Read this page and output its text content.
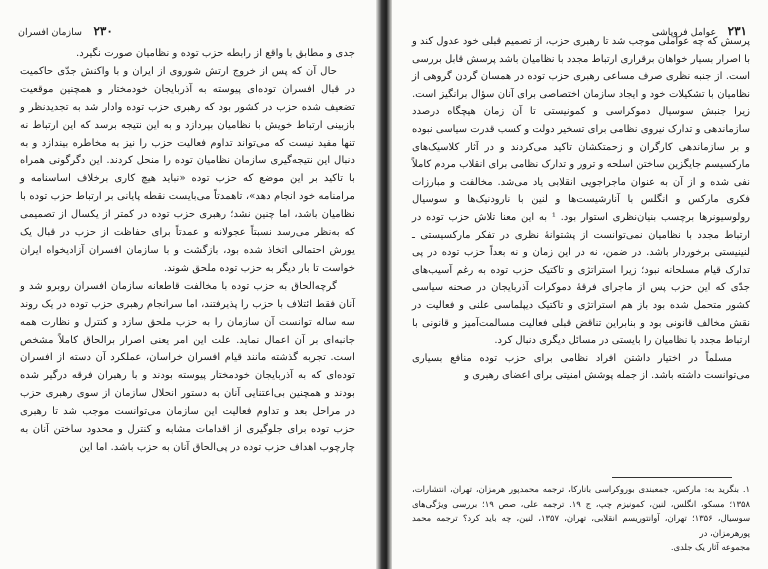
۲۳۰ سازمان افسران

جدی و مطابق با واقع از رابطه حزب توده و نظامیان صورت نگیرد.

حال آن که پس از خروج ارتش شوروی از ایران و با واکنش جدّی حاکمیت در قبال افسران توده‌ای پیوسته به آذربایجان خودمختار و همچنین موقعیت تضعیف شده حزب در کشور بود که رهبری حزب توده وادار شد به تجدیدنظر و بازبینی ارتباط خویش با نظامیان بپردازد و به این نتیجه برسد که این ارتباط نه تنها مفید نیست که می‌تواند تداوم فعالیت حزب را نیز به مخاطره بیندازد و به دنبال این نتیجه‌گیری سازمان نظامیان توده را منحل کردند. این دگرگونی همراه با تاکید بر این موضع که حزب توده «نباید هیچ کاری برخلاف اساسنامه و مرامنامه خود انجام دهد»، تاهمدتاً می‌بایست نقطه پایانی بر ارتباط حزب توده با نظامیان باشد، اما چنین نشد؛ رهبری حزب توده در کمتر از یکسال از تصمیمی که به‌نظر می‌رسد نسبتاً عجولانه و عمدتاً برای حفاظت از حزب در قبال یک یورش احتمالی اتخاذ شده بود، بازگشت و با سازمان افسران آزادیخواه ایران خواست تا بار دیگر به حزب توده ملحق شوند.

گرچه‌الحاق به حزب توده با مخالفت قاطعانه سازمان افسران روبرو شد و آنان فقط ائتلاف با حزب را پذیرفتند، اما سرانجام رهبری حزب توده در یک روند سه ساله توانست آن سازمان را به حزب ملحق سازد و کنترل و نظارت همه جانبه‌ای بر آن اعمال نماید. علت این امر یعنی اصرار برالحاق کاملاً مشخص است. تجربه گذشته مانند قیام افسران خراسان، عملکرد آن دسته از افسران توده‌ای که به آذربایجان خودمختار پیوسته بودند و با رهبران فرقه درگیر شده بودند و همچنین بی‌اعتنایی آنان به دستور انحلال سازمان از سوی رهبری حزب در مراحل بعد و تداوم فعالیت این سازمان می‌توانست موجب شد تا رهبری حزب توده برای جلوگیری از اقدامات مشابه و کنترل و محدود ساختن آنان به چارچوب اهداف حزب توده در پی‌الحاق آنان به حزب باشد. اما این

۲۳۱ عوامل فروپاشی

پرسش که چه عواملی موجب شد تا رهبری حزب، از تصمیم قبلی خود عدول کند و با اصرار بسیار خواهان برقراری ارتباط مجدد با نظامیان باشد پرسش قابل بررسی است. از جنبه نظری صرف مساعی رهبری حزب توده در همسان گردن گروهی از نظامیان با تشکیلات خود و ایجاد سازمان اختصاصی برای آنان سؤال برانگیز است. زیرا جنبش سوسیال دموکراسی و کمونیستی تا آن زمان هیچگاه درصدد سازماندهی و تدارک نیروی نظامی برای تسخیر دولت و کسب قدرت سیاسی نبوده و بر سازماندهی کارگران و زحمتکشان تاکید می‌کردند و در آثار کلاسیک‌های مارکسیسم جایگزین ساختن اسلحه و ترور و تدارک نظامی برای انقلاب مردم کاملاً نفی شده و از آن به عنوان ماجراجویی انقلابی یاد می‌شد. مخالفت و مبارزات فکری مارکس و انگلس با آنارشیست‌ها و لنین با نارودنیک‌ها و سوسیال رولوسیونرها برچسب بنیان‌نظری استوار بود. ¹ به این معنا تلاش حزب توده در ارتباط مجدد با نظامیان نمی‌توانست از پشتوانهٔ نظری در تفکر مارکسیستی ـ لنینیستی برخوردار باشد. در ضمن، نه در این زمان و نه بعداً حزب توده در پی تدارک قیام مسلحانه نبود؛ زیرا استراتژی و تاکتیک حزب توده به رغم آسیب‌های جدّی که این حزب پس از ماجرای فرقهٔ دموکرات آذربایجان در صحنه سیاسی کشور متحمل شده بود باز هم استراتژی و تاکتیک دیپلماسی علنی و فعالیت در نقش مخالف قانونی بود و بنابراین تناقض قبلی فعالیت مسالمت‌آمیز و قانونی با ارتباط مجدد با نظامیان را بایستی در مسائل دیگری دنبال کرد.

مسلماً در اختیار داشتن افراد نظامی برای حزب توده منافع بسیاری می‌توانست داشته باشد. از جمله پوشش امنیتی برای اعضای رهبری و

۱. بنگرید به: مارکس، جمعبندی بوروکراسی بانارکا، ترجمه محمدپور هرمزان، تهران، انتشارات، ۱۳۵۸؛ مسکو، انگلس، لنین، کمونیزم چپ، ج ۱۹. ترجمه علی، صص ۱۹؛ بررسی ویژگی‌های سوسیال، ۱۳۵۶؛ تهران، آوانتوریسم انقلابی، تهران، ۱۳۵۷، لنین، چه باید کرد؟ ترجمه محمد پورهرمزان، در

مجموعه آثار یک جلدی.
